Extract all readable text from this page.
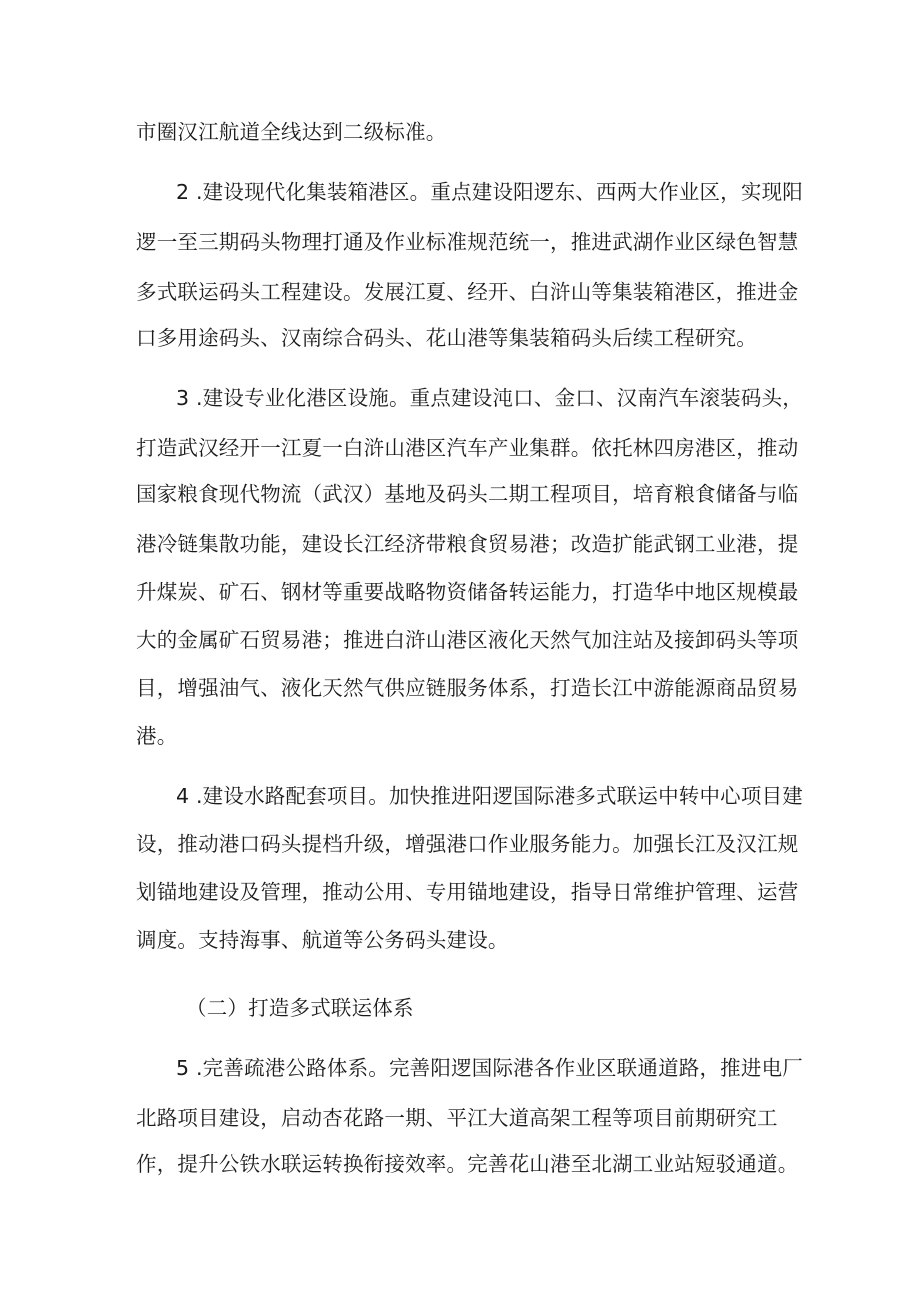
市圈汉江航道全线达到二级标准。
2 .建设现代化集装箱港区。重点建设阳逻东、西两大作业区，实现阳
逻一至三期码头物理打通及作业标准规范统一，推进武湖作业区绿色智慧
多式联运码头工程建设。发展江夏、经开、白浒山等集装箱港区，推进金
口多用途码头、汉南综合码头、花山港等集装箱码头后续工程研究。
3 .建设专业化港区设施。重点建设沌口、金口、汉南汽车滚装码头，
打造武汉经开一江夏一白浒山港区汽车产业集群。依托林四房港区，推动
国家粮食现代物流（武汉）基地及码头二期工程项目，培育粮食储备与临
港冷链集散功能，建设长江经济带粮食贸易港；改造扩能武钢工业港，提
升煤炭、矿石、钢材等重要战略物资储备转运能力，打造华中地区规模最
大的金属矿石贸易港；推进白浒山港区液化天然气加注站及接卸码头等项
目，增强油气、液化天然气供应链服务体系，打造长江中游能源商品贸易
港。
4 .建设水路配套项目。加快推进阳逻国际港多式联运中转中心项目建
设，推动港口码头提档升级，增强港口作业服务能力。加强长江及汉江规
划锚地建设及管理，推动公用、专用锚地建设，指导日常维护管理、运营
调度。支持海事、航道等公务码头建设。
（二）打造多式联运体系
5 .完善疏港公路体系。完善阳逻国际港各作业区联通道路，推进电厂
北路项目建设，启动杏花路一期、平江大道高架工程等项目前期研究工
作，提升公铁水联运转换衔接效率。完善花山港至北湖工业站短驳通道。
